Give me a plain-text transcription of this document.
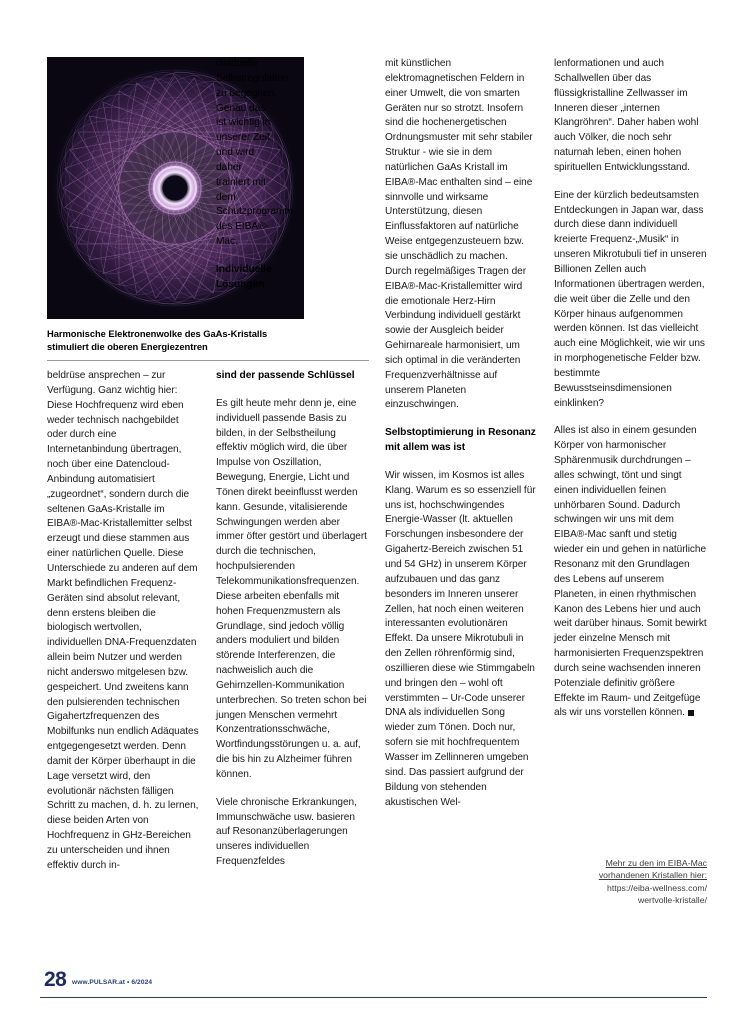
Harmonische Elektronenwolke des GaAs-Kristalls stimuliert die oberen Energiezentren

dividuelle Selbstregulation zu begegnen. Genau das ist wichtig in unserer Zeit und wird daher trainiert mit dem Schutzprogramm des EIBA®-Mac.

Individuelle Lösungen

beldrüse ansprechen – zur Verfügung. Ganz wichtig hier: Diese Hochfrequenz wird eben weder technisch nachgebildet oder durch eine Internetanbindung übertragen, noch über eine Datencloud-Anbindung automatisiert „zugeordnet“, sondern durch die seltenen GaAs-Kristalle im EIBA®-Mac-Kristallemitter selbst erzeugt und diese stammen aus einer natürlichen Quelle. Diese Unterschiede zu anderen auf dem Markt befindlichen Frequenz-Geräten sind absolut relevant, denn erstens bleiben die biologisch wertvollen, individuellen DNA-Frequenzdaten allein beim Nutzer und werden nicht anderswo mitgelesen bzw. gespeichert. Und zweitens kann den pulsierenden technischen Gigahertzfrequenzen des Mobilfunks nun endlich Adäquates entgegengesetzt werden. Denn damit der Körper überhaupt in die Lage versetzt wird, den evolutionär nächsten fälligen Schritt zu machen, d. h. zu lernen, diese beiden Arten von Hochfrequenz in GHz-Bereichen zu unterscheiden und ihnen effektiv durch in-

sind der passende Schlüssel

Es gilt heute mehr denn je, eine individuell passende Basis zu bilden, in der Selbstheilung effektiv möglich wird, die über Impulse von Oszillation, Bewegung, Energie, Licht und Tönen direkt beeinflusst werden kann. Gesunde, vitalisierende Schwingungen werden aber immer öfter gestört und überlagert durch die technischen, hochpulsierenden Telekommunikationsfrequenzen. Diese arbeiten ebenfalls mit hohen Frequenzmustern als Grundlage, sind jedoch völlig anders moduliert und bilden störende Interferenzen, die nachweislich auch die Gehirnzellen-Kommunikation unterbrechen. So treten schon bei jungen Menschen vermehrt Konzentrationsschwäche, Wortfindungsstörungen u. a. auf, die bis hin zu Alzheimer führen können.

Viele chronische Erkrankungen, Immunschwäche usw. basieren auf Resonanzüberlagerungen unseres individuellen Frequenzfeldes

mit künstlichen elektromagnetischen Feldern in einer Umwelt, die von smarten Geräten nur so strotzt. Insofern sind die hochenergetischen Ordnungsmuster mit sehr stabiler Struktur - wie sie in dem natürlichen GaAs Kristall im EIBA®-Mac enthalten sind – eine sinnvolle und wirksame Unterstützung, diesen Einflussfaktoren auf natürliche Weise entgegenzusteuern bzw. sie unschädlich zu machen. Durch regelmäßiges Tragen der EIBA®-Mac-Kristallemitter wird die emotionale Herz-Hirn Verbindung individuell gestärkt sowie der Ausgleich beider Gehirnareale harmonisiert, um sich optimal in die veränderten Frequenzverhältnisse auf unserem Planeten einzuschwingen.

Selbstoptimierung in Resonanz mit allem was ist

Wir wissen, im Kosmos ist alles Klang. Warum es so essenziell für uns ist, hochschwingendes Energie-Wasser (lt. aktuellen Forschungen insbesondere der Gigahertz-Bereich zwischen 51 und 54 GHz) in unserem Körper aufzubauen und das ganz besonders im Inneren unserer Zellen, hat noch einen weiteren interessanten evolutionären Effekt. Da unsere Mikrotubuli in den Zellen röhrenförmig sind, oszillieren diese wie Stimmgabeln und bringen den – wohl oft verstimmten – Ur-Code unserer DNA als individuellen Song wieder zum Tönen. Doch nur, sofern sie mit hochfrequentem Wasser im Zellinneren umgeben sind. Das passiert aufgrund der Bildung von stehenden akustischen Wel-

lenformationen und auch Schallwellen über das flüssigkristalline Zellwasser im Inneren dieser „internen Klangröhren“. Daher haben wohl auch Völker, die noch sehr naturnah leben, einen hohen spirituellen Entwicklungsstand.

Eine der kürzlich bedeutsamsten Entdeckungen in Japan war, dass durch diese dann individuell kreierte Frequenz-„Musik“ in unseren Mikrotubuli tief in unseren Billionen Zellen auch Informationen übertragen werden, die weit über die Zelle und den Körper hinaus aufgenommen werden können. Ist das vielleicht auch eine Möglichkeit, wie wir uns in morphogenetische Felder bzw. bestimmte Bewusstseinsdimensionen einklinken?

Alles ist also in einem gesunden Körper von harmonischer Sphärenmusik durchdrungen – alles schwingt, tönt und singt einen individuellen feinen unhörbaren Sound. Dadurch schwingen wir uns mit dem EIBA®-Mac sanft und stetig wieder ein und gehen in natürliche Resonanz mit den Grundlagen des Lebens auf unserem Planeten, in einen rhythmischen Kanon des Lebens hier und auch weit darüber hinaus. Somit bewirkt jeder einzelne Mensch mit harmonisierten Frequenzspektren durch seine wachsenden inneren Potenziale definitiv größere Effekte im Raum- und Zeitgefüge als wir uns vorstellen können.

Mehr zu den im EIBA-Mac
vorhandenen Kristallen hier:
https://eiba-wellness.com/
wertvolle-kristalle/
28 www.PULSAR.at • 6/2024
